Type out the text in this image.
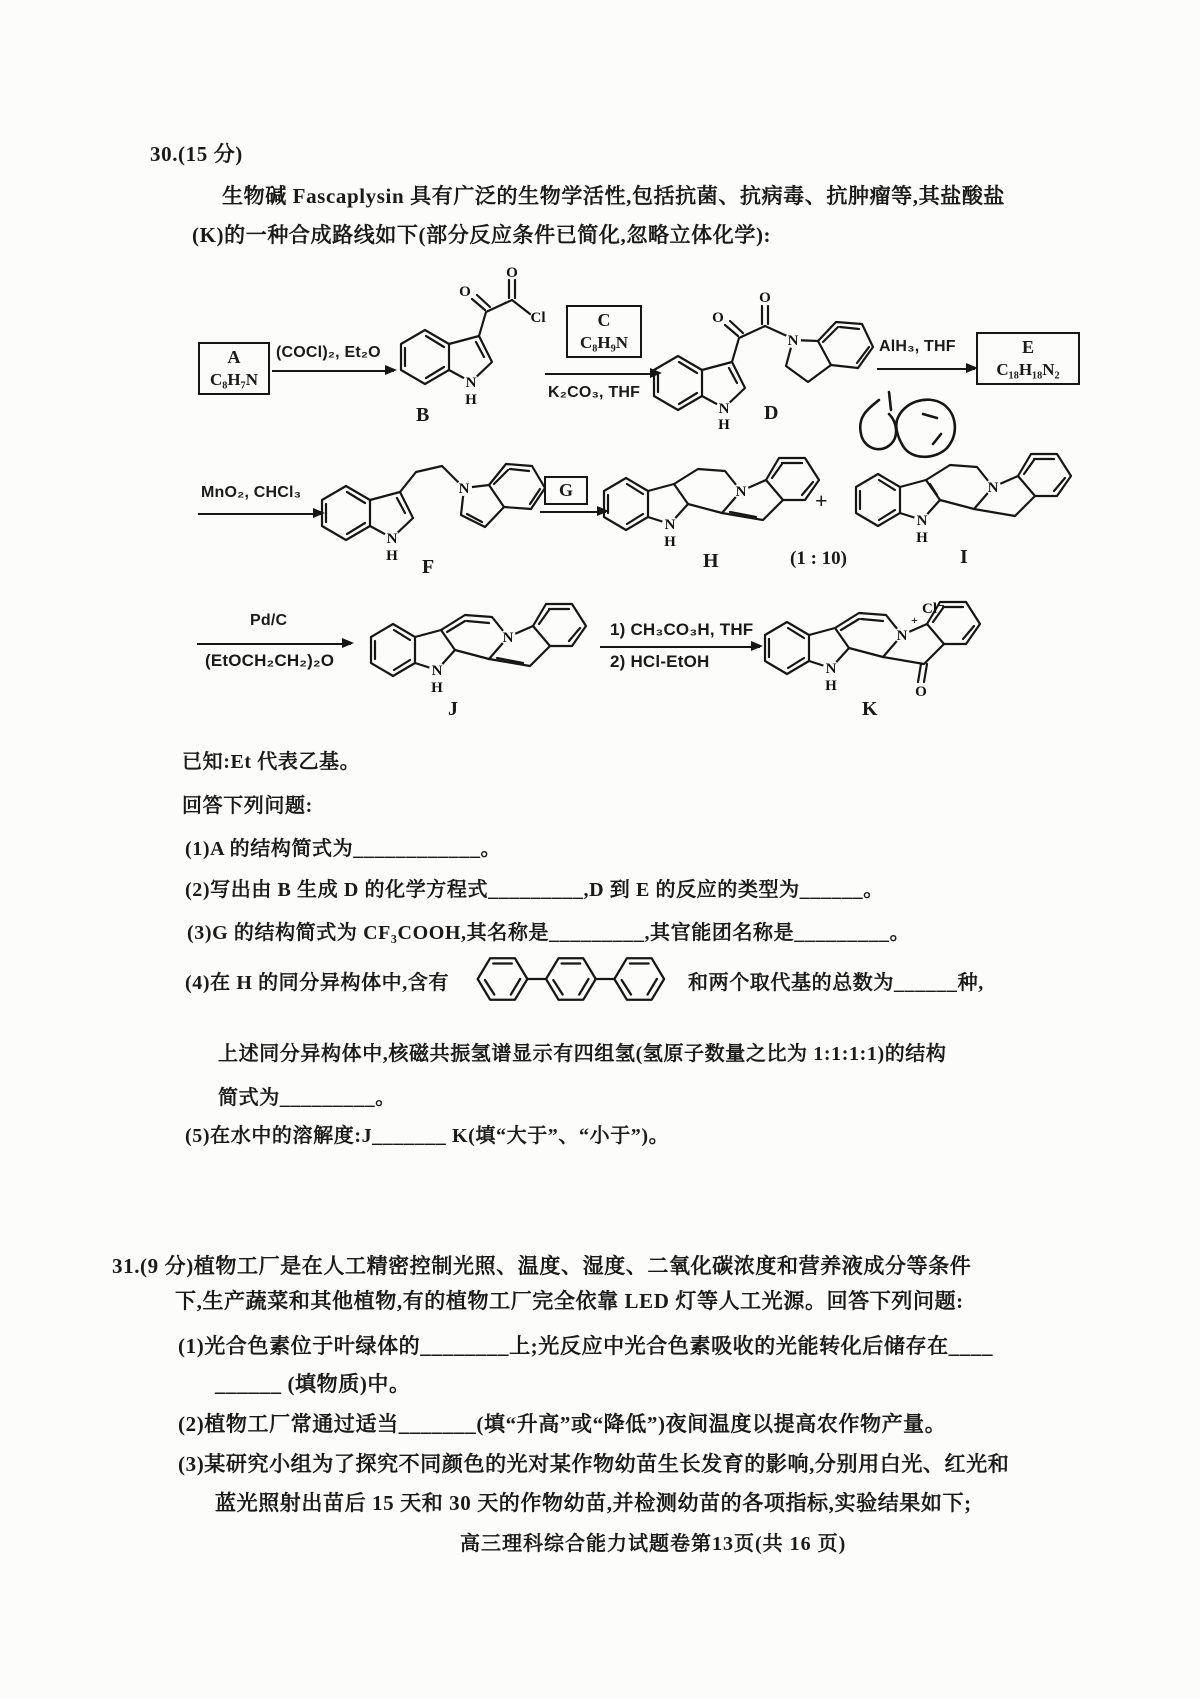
30.(15 分)
生物碱 Fascaplysin 具有广泛的生物学活性,包括抗菌、抗病毒、抗肿瘤等,其盐酸盐
(K)的一种合成路线如下(部分反应条件已简化,忽略立体化学):
A
C₈H₇N
(COCl)₂, Et₂O
N
H
O
O
Cl
B
C
C₈H₉N
K₂CO₃, THF
N
H
O
O
N
D
AlH₃, THF	E
C₁₈H₁₈N₂
MnO₂, CHCl₃
N
H
N
F
G	N
N
H
H
+
(1 : 10)
N
N
H
I
Pd/C
(EtOCH₂CH₂)₂O
N
N
H
J
1) CH₃CO₃H, THF
2) HCl-EtOH
N
+
Cl⁻
N
H	O
K
已知:Et 代表乙基。
回答下列问题:
(1)A 的结构简式为____________。
(2)写出由 B 生成 D 的化学方程式_________,D 到 E 的反应的类型为______。
(3)G 的结构简式为 CF₃COOH,其名称是_________,其官能团名称是_________。
(4)在 H 的同分异构体中,含有	和两个取代基的总数为______种,
上述同分异构体中,核磁共振氢谱显示有四组氢(氢原子数量之比为 1:1:1:1)的结构
简式为_________。
(5)在水中的溶解度:J_______ K(填“大于”、“小于”)。
31.(9 分)植物工厂是在人工精密控制光照、温度、湿度、二氧化碳浓度和营养液成分等条件
下,生产蔬菜和其他植物,有的植物工厂完全依靠 LED 灯等人工光源。回答下列问题:
(1)光合色素位于叶绿体的________上;光反应中光合色素吸收的光能转化后储存在____
______ (填物质)中。
(2)植物工厂常通过适当_______(填“升高”或“降低”)夜间温度以提高农作物产量。
(3)某研究小组为了探究不同颜色的光对某作物幼苗生长发育的影响,分别用白光、红光和
蓝光照射出苗后 15 天和 30 天的作物幼苗,并检测幼苗的各项指标,实验结果如下;
高三理科综合能力试题卷第13页(共 16 页)
